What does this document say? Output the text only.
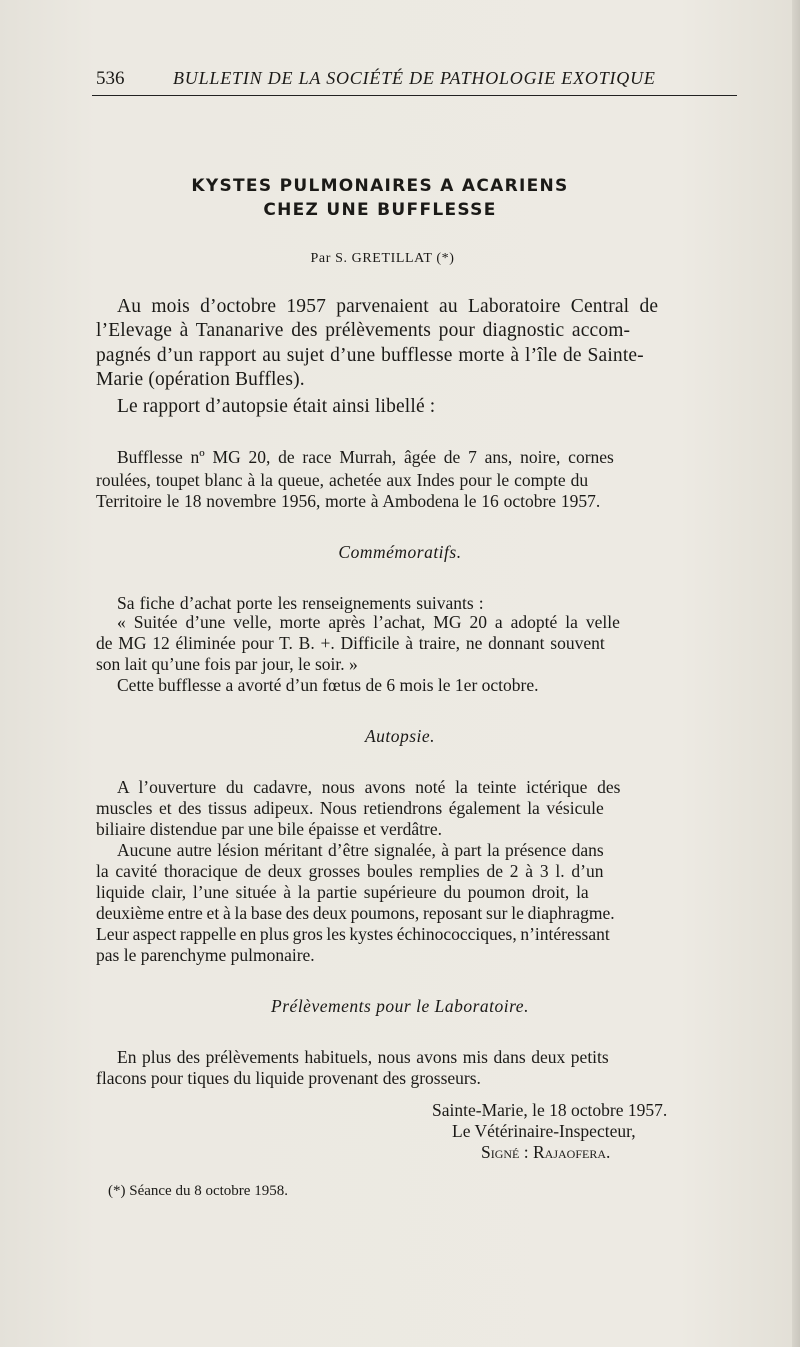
536	BULLETIN DE LA SOCIÉTÉ DE PATHOLOGIE EXOTIQUE
KYSTES PULMONAIRES A ACARIENS
CHEZ UNE BUFFLESSE
Par S. GRETILLAT (*)
Au mois d’octobre 1957 parvenaient au Laboratoire Central de
l’Elevage à Tananarive des prélèvements pour diagnostic accom-
pagnés d’un rapport au sujet d’une bufflesse morte à l’île de Sainte-
Marie (opération Buffles).
Le rapport d’autopsie était ainsi libellé :
Bufflesse nº MG 20, de race Murrah, âgée de 7 ans, noire, cornes
roulées, toupet blanc à la queue, achetée aux Indes pour le compte du
Territoire le 18 novembre 1956, morte à Ambodena le 16 octobre 1957.
Commémoratifs.
Sa fiche d’achat porte les renseignements suivants :
« Suitée d’une velle, morte après l’achat, MG 20 a adopté la velle
de MG 12 éliminée pour T. B. +. Difficile à traire, ne donnant souvent
son lait qu’une fois par jour, le soir. »
Cette bufflesse a avorté d’un fœtus de 6 mois le 1er octobre.
Autopsie.
A l’ouverture du cadavre, nous avons noté la teinte ictérique des
muscles et des tissus adipeux. Nous retiendrons également la vésicule
biliaire distendue par une bile épaisse et verdâtre.
Aucune autre lésion méritant d’être signalée, à part la présence dans
la cavité thoracique de deux grosses boules remplies de 2 à 3 l. d’un
liquide clair, l’une située à la partie supérieure du poumon droit, la
deuxième entre et à la base des deux poumons, reposant sur le diaphragme.
Leur aspect rappelle en plus gros les kystes échinococciques, n’intéressant
pas le parenchyme pulmonaire.
Prélèvements pour le Laboratoire.
En plus des prélèvements habituels, nous avons mis dans deux petits
flacons pour tiques du liquide provenant des grosseurs.
Sainte-Marie, le 18 octobre 1957.
Le Vétérinaire-Inspecteur,
Signé : Rajaofera.
(*) Séance du 8 octobre 1958.
